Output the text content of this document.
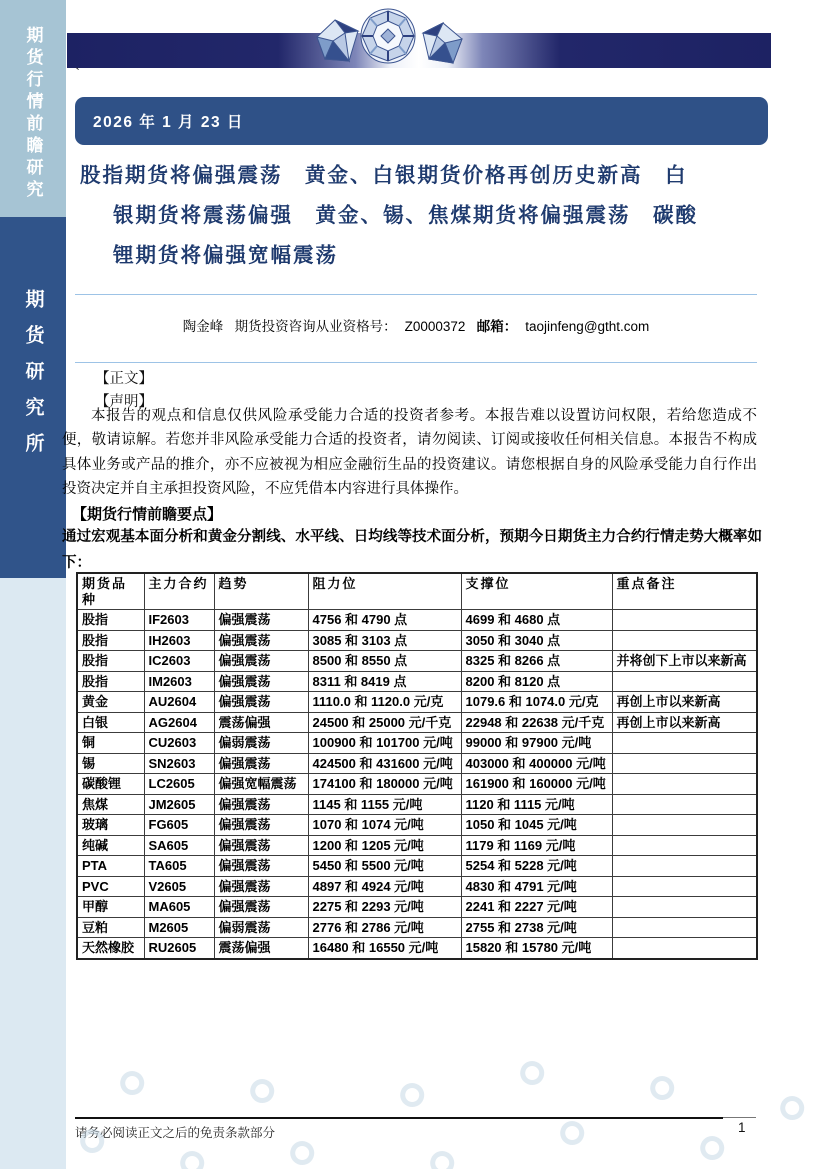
期货行情前瞻研究
期货研究所
`
2026 年 1 月 23 日
股指期货将偏强震荡　黄金、白银期货价格再创历史新高　白
银期货将震荡偏强　黄金、锡、焦煤期货将偏强震荡　碳酸
锂期货将偏强宽幅震荡
陶金峰 期货投资咨询从业资格号： Z0000372 邮箱： taojinfeng@gtht.com
【正文】
【声明】
本报告的观点和信息仅供风险承受能力合适的投资者参考。本报告难以设置访问权限，若给您造成不便，敬请谅解。若您并非风险承受能力合适的投资者，请勿阅读、订阅或接收任何相关信息。本报告不构成具体业务或产品的推介，亦不应被视为相应金融衍生品的投资建议。请您根据自身的风险承受能力自行作出投资决定并自主承担投资风险，不应凭借本内容进行具体操作。
【期货行情前瞻要点】
通过宏观基本面分析和黄金分割线、水平线、日均线等技术面分析，预期今日期货主力合约行情走势大概率如下：
期货品种	主力合约	趋势	阻力位	支撑位	重点备注
股指	IF2603	偏强震荡	4756 和 4790 点	4699 和 4680 点	
股指	IH2603	偏强震荡	3085 和 3103 点	3050 和 3040 点	
股指	IC2603	偏强震荡	8500 和 8550 点	8325 和 8266 点	并将创下上市以来新高
股指	IM2603	偏强震荡	8311 和 8419 点	8200 和 8120 点	
黄金	AU2604	偏强震荡	1110.0 和 1120.0 元/克	1079.6 和 1074.0 元/克	再创上市以来新高
白银	AG2604	震荡偏强	24500 和 25000 元/千克	22948 和 22638 元/千克	再创上市以来新高
铜	CU2603	偏弱震荡	100900 和 101700 元/吨	99000 和 97900 元/吨	
锡	SN2603	偏强震荡	424500 和 431600 元/吨	403000 和 400000 元/吨	
碳酸锂	LC2605	偏强宽幅震荡	174100 和 180000 元/吨	161900 和 160000 元/吨	
焦煤	JM2605	偏强震荡	1145 和 1155 元/吨	1120 和 1115 元/吨	
玻璃	FG605	偏强震荡	1070 和 1074 元/吨	1050 和 1045 元/吨	
纯碱	SA605	偏强震荡	1200 和 1205 元/吨	1179 和 1169 元/吨	
PTA	TA605	偏强震荡	5450 和 5500 元/吨	5254 和 5228 元/吨	
PVC	V2605	偏强震荡	4897 和 4924 元/吨	4830 和 4791 元/吨	
甲醇	MA605	偏强震荡	2275 和 2293 元/吨	2241 和 2227 元/吨	
豆粕	M2605	偏弱震荡	2776 和 2786 元/吨	2755 和 2738 元/吨	
天然橡胶	RU2605	震荡偏强	16480 和 16550 元/吨	15820 和 15780 元/吨	
请务必阅读正文之后的免责条款部分	1
